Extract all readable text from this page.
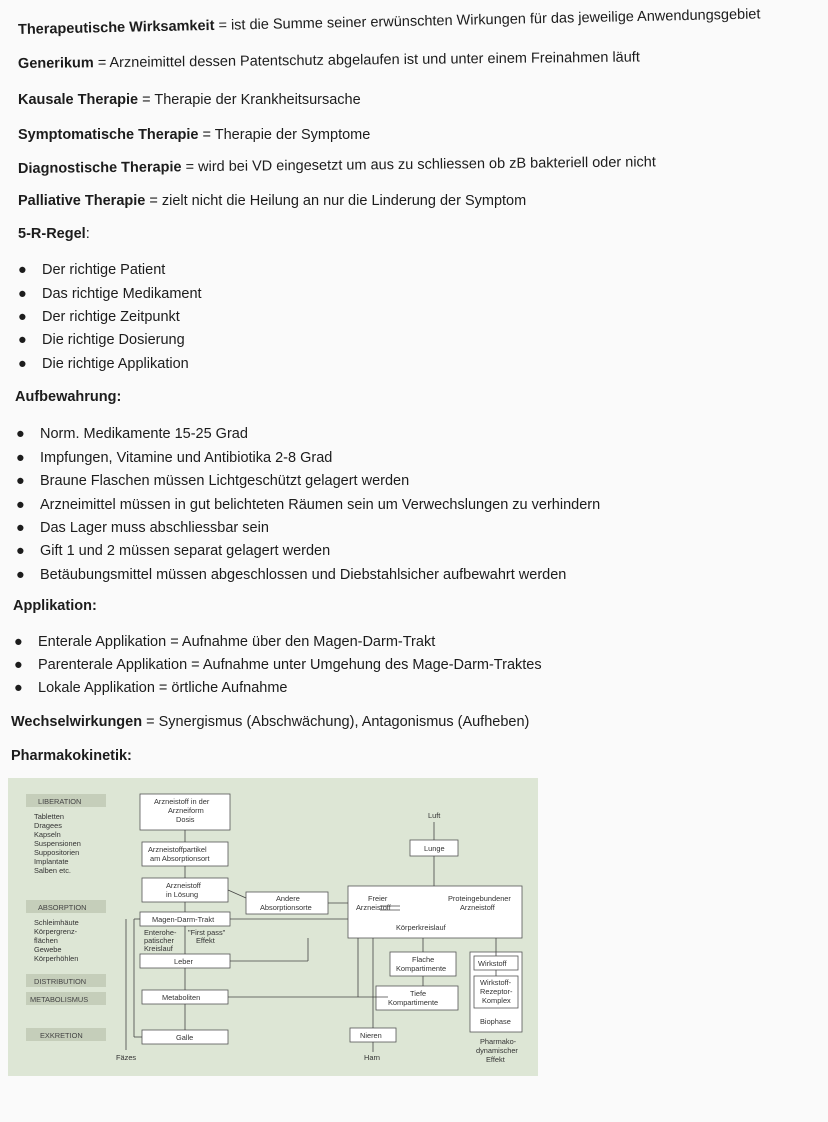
Therapeutische Wirksamkeit = ist die Summe seiner erwünschten Wirkungen für das jeweilige Anwendungsgebiet
Generikum = Arzneimittel dessen Patentschutz abgelaufen ist und unter einem Freinahmen läuft
Kausale Therapie = Therapie der Krankheitsursache
Symptomatische Therapie = Therapie der Symptome
Diagnostische Therapie = wird bei VD eingesetzt um aus zu schliessen ob zB bakteriell oder nicht
Palliative Therapie = zielt nicht die Heilung an nur die Linderung der Symptom
5-R-Regel:
● Der richtige Patient
● Das richtige Medikament
● Der richtige Zeitpunkt
● Die richtige Dosierung
● Die richtige Applikation
Aufbewahrung:
● Norm. Medikamente 15-25 Grad
● Impfungen, Vitamine und Antibiotika 2-8 Grad
● Braune Flaschen müssen Lichtgeschützt gelagert werden
● Arzneimittel müssen in gut belichteten Räumen sein um Verwechslungen zu verhindern
● Das Lager muss abschliessbar sein
● Gift 1 und 2 müssen separat gelagert werden
● Betäubungsmittel müssen abgeschlossen und Diebstahlsicher aufbewahrt werden
Applikation:
● Enterale Applikation = Aufnahme über den Magen-Darm-Trakt
● Parenterale Applikation = Aufnahme unter Umgehung des Mage-Darm-Traktes
● Lokale Applikation = örtliche Aufnahme
Wechselwirkungen = Synergismus (Abschwächung), Antagonismus (Aufheben)
Pharmakokinetik:
LIBERATION
Tabletten
Dragees
Kapseln
Suspensionen
Suppositorien
Implantate
Salben etc.
ABSORPTION
Schleimhäute
Körpergrenz-
flächen
Gewebe
Körperhöhlen
DISTRIBUTION
METABOLISMUS
EXKRETION
Arzneistoff in der
Arzneiform
Dosis
Arzneistoffpartikel
am Absorptionsort
Arzneistoff
in Lösung	Andere
Absorptionsorte
Magen-Darm-Trakt
Enterohe-
patischer
Kreislauf
"First pass"
Effekt
Leber
Metaboliten
Galle
Fäzes
Luft
Lunge
Freier
Arzneistoff
Proteingebundener
Arzneistoff
Körperkreislauf
Flache
Kompartimente
Tiefe
Kompartimente
Wirkstoff
Wirkstoff-
Rezeptor-
Komplex
Biophase
Pharmako-
dynamischer
Effekt
Nieren
Harn
